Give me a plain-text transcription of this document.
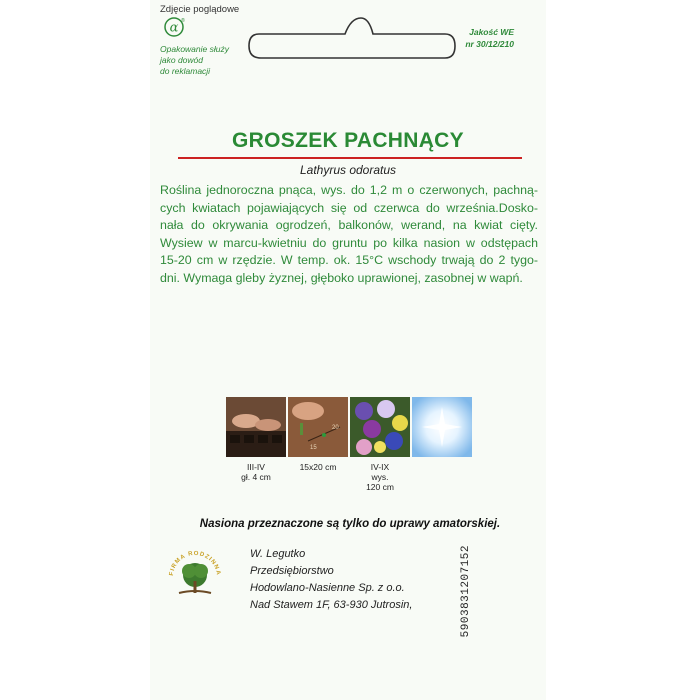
Zdjęcie poglądowe
α ®
Opakowanie służy
jako dowód
do reklamacji
Jakość WE
nr 30/12/210
GROSZEK PACHNĄCY
Lathyrus odoratus

Roślina jednoroczna pnąca, wys. do 1,2 m o czerwonych, pachną-

cych kwiatach pojawiających się od czerwca do września.Dosko-

nała do okrywania ogrodzeń, balkonów, werand, na kwiat cięty.

Wysiew w marcu-kwietniu do gruntu po kilka nasion w odstępach

15-20 cm w rzędzie. W temp. ok. 15°C wschody trwają do 2 tygo-

dni. Wymaga gleby żyznej, głęboko uprawionej, zasobnej w wapń.

20
15
III-IV
gł. 4 cm
15x20 cm	IV-IX
wys.
120 cm
Nasiona przeznaczone są tylko do uprawy amatorskiej.
FIRMA RODZINNA
W. Legutko
Przedsiębiorstwo
Hodowlano-Nasienne Sp. z o.o.
Nad Stawem 1F, 63-930 Jutrosin,	5903831207152
